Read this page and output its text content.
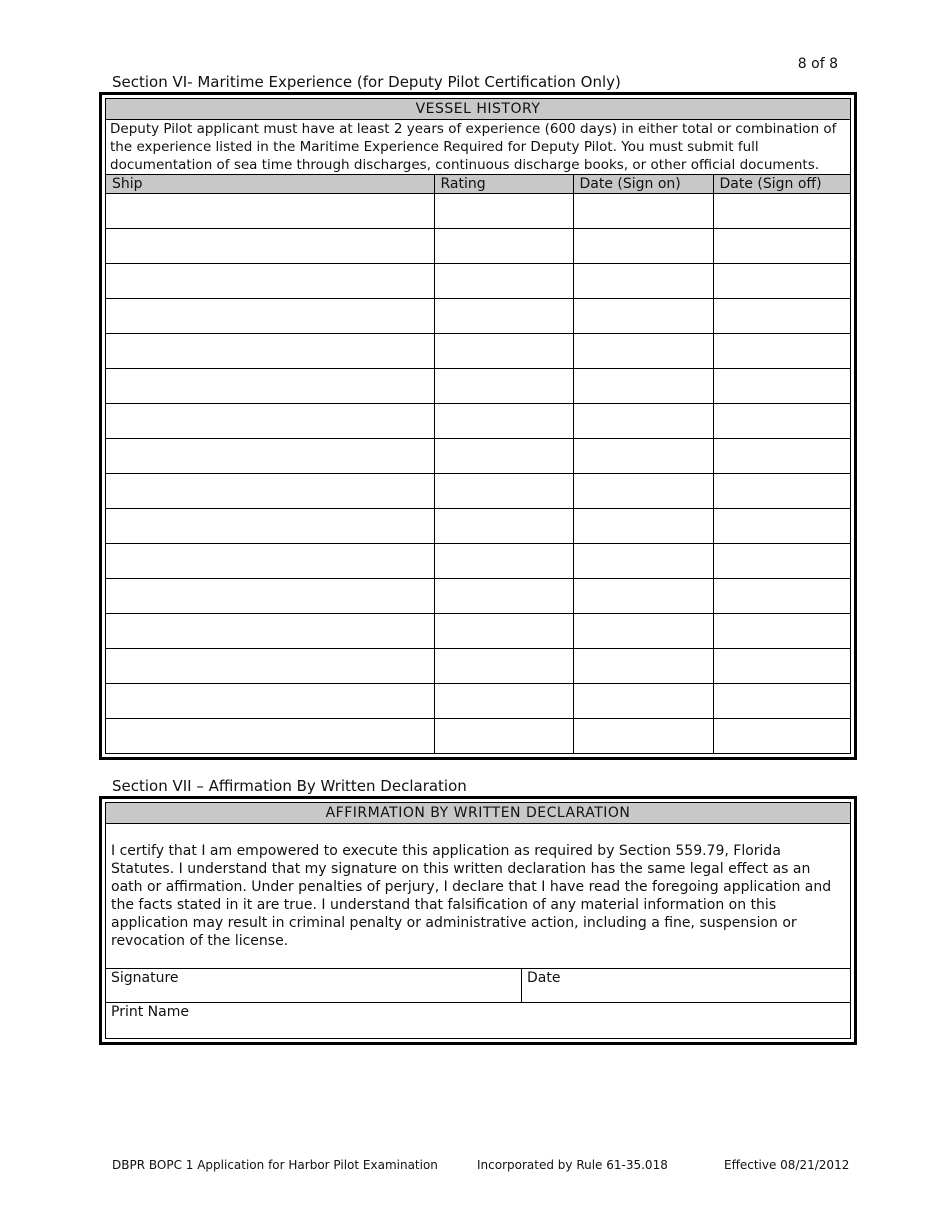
8 of 8
Section VI- Maritime Experience (for Deputy Pilot Certification Only)
VESSEL HISTORY
Deputy Pilot applicant must have at least 2 years of experience (600 days) in either total or combination of the experience listed in the Maritime Experience Required for Deputy Pilot. You must submit full documentation of sea time through discharges, continuous discharge books, or other official documents.
Ship	Rating	Date (Sign on)	Date (Sign off)

Section VII – Affirmation By Written Declaration
AFFIRMATION BY WRITTEN DECLARATION
I certify that I am empowered to execute this application as required by Section 559.79, Florida Statutes. I understand that my signature on this written declaration has the same legal effect as an oath or affirmation. Under penalties of perjury, I declare that I have read the foregoing application and the facts stated in it are true. I understand that falsification of any material information on this application may result in criminal penalty or administrative action, including a fine, suspension or revocation of the license.
Signature	Date
Print Name
DBPR BOPC 1 Application for Harbor Pilot Examination	Incorporated by Rule 61-35.018	Effective 08/21/2012
